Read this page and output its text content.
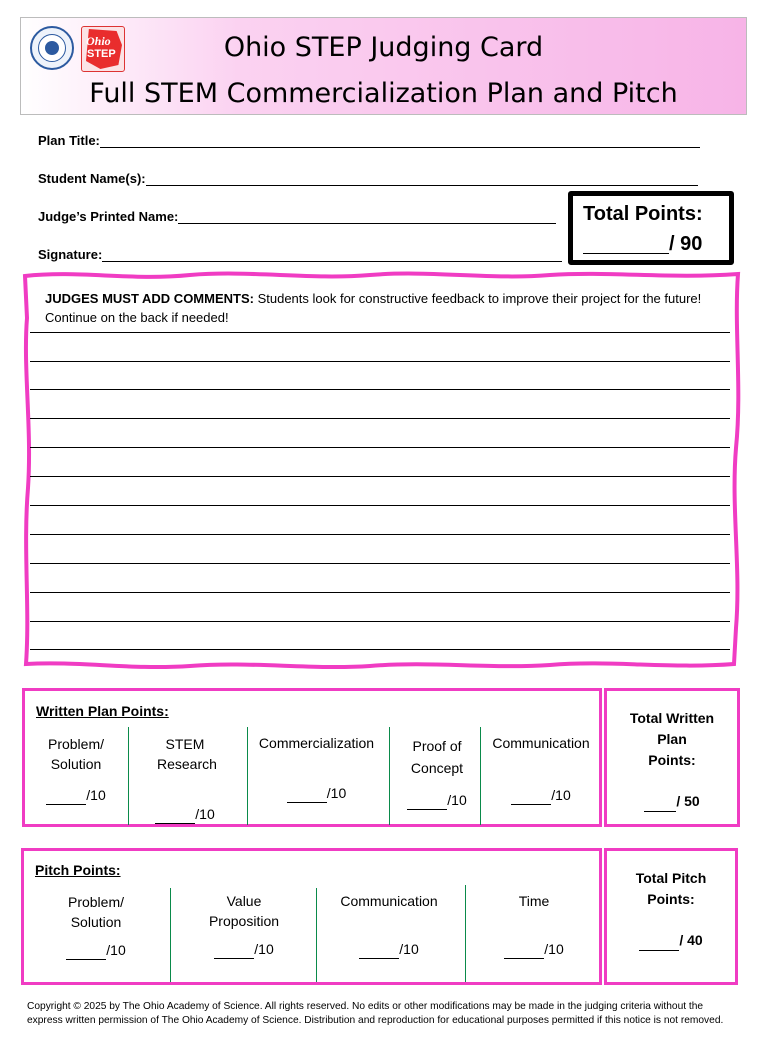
Ohio
STEP	Ohio STEP Judging Card
Full STEM Commercialization Plan and Pitch
Plan Title:
Student Name(s):
Judge’s Printed Name:
Signature:
Total Points:
/ 90
JUDGES MUST ADD COMMENTS: Students look for constructive feedback to improve their project for the future! Continue on the back if needed!
Written Plan Points:
Problem/ Solution
/10
STEM Research
/10
Commercialization
/10
Proof of Concept
/10
Communication
/10
Total Written
Plan
Points:
/ 50
Pitch Points:
Problem/ Solution
/10
Value Proposition
/10
Communication
/10
Time
/10
Total Pitch
Points:
/ 40
Copyright © 2025 by The Ohio Academy of Science. All rights reserved. No edits or other modifications may be made in the judging criteria without the express written permission of The Ohio Academy of Science. Distribution and reproduction for educational purposes permitted if this notice is not removed.
